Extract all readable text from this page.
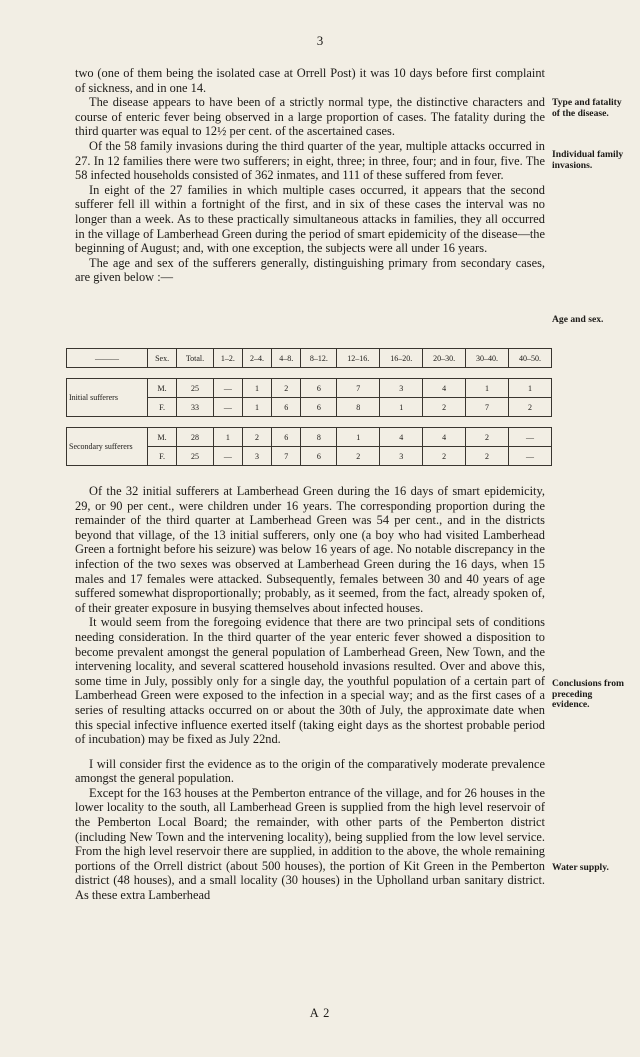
3

two (one of them being the isolated case at Orrell Post) it was 10 days before first complaint of sickness, and in one 14.

The disease appears to have been of a strictly normal type, the distinctive characters and course of enteric fever being observed in a large proportion of cases. The fatality during the third quarter was equal to 12½ per cent. of the ascertained cases.

Of the 58 family invasions during the third quarter of the year, multiple attacks occurred in 27. In 12 families there were two sufferers; in eight, three; in three, four; and in four, five. The 58 infected households consisted of 362 inmates, and 111 of these suffered from fever.

In eight of the 27 families in which multiple cases occurred, it appears that the second sufferer fell ill within a fortnight of the first, and in six of these cases the interval was no longer than a week. As to these practically simultaneous attacks in families, they all occurred in the village of Lamberhead Green during the period of smart epidemicity of the disease—the beginning of August; and, with one exception, the subjects were all under 16 years.

The age and sex of the sufferers generally, distinguishing primary from secondary cases, are given below :—

Type and fatality of the disease.
Individual family invasions.
Age and sex.
Conclusions from preceding evidence.
Water supply.
———	Sex.	Total.	1–2.	2–4.	4–8.	8–12.	12–16.	16–20.	20–30.	30–40.	40–50.

Initial sufferers	M.	25	—	1	2	6	7	3	4	1	1
	F.	33	—	1	6	6	8	1	2	7	2

Secondary sufferers	M.	28	1	2	6	8	1	4	4	2	—
	F.	25	—	3	7	6	2	3	2	2	—

Of the 32 initial sufferers at Lamberhead Green during the 16 days of smart epidemicity, 29, or 90 per cent., were children under 16 years. The corresponding proportion during the remainder of the third quarter at Lamberhead Green was 54 per cent., and in the districts beyond that village, of the 13 initial sufferers, only one (a boy who had visited Lamberhead Green a fortnight before his seizure) was below 16 years of age. No notable discrepancy in the infection of the two sexes was observed at Lamberhead Green during the 16 days, when 15 males and 17 females were attacked. Subsequently, females between 30 and 40 years of age suffered somewhat disproportionally; probably, as it seemed, from the fact, already spoken of, of their greater exposure in busying themselves about infected houses.

It would seem from the foregoing evidence that there are two principal sets of conditions needing consideration. In the third quarter of the year enteric fever showed a disposition to become prevalent amongst the general population of Lamberhead Green, New Town, and the intervening locality, and several scattered household invasions resulted. Over and above this, some time in July, possibly only for a single day, the youthful population of a certain part of Lamberhead Green were exposed to the infection in a special way; and as the first cases of a series of resulting attacks occurred on or about the 30th of July, the approximate date when this special infective influence exerted itself (taking eight days as the shortest probable period of incubation) may be fixed as July 22nd.

I will consider first the evidence as to the origin of the comparatively moderate prevalence amongst the general population.

Except for the 163 houses at the Pemberton entrance of the village, and for 26 houses in the lower locality to the south, all Lamberhead Green is supplied from the high level reservoir of the Pemberton Local Board; the remainder, with other parts of the Pemberton district (including New Town and the intervening locality), being supplied from the low level service. From the high level reservoir there are supplied, in addition to the above, the whole remaining portions of the Orrell district (about 500 houses), the portion of Kit Green in the Pemberton district (48 houses), and a small locality (30 houses) in the Upholland urban sanitary district. As these extra Lamberhead

A 2
